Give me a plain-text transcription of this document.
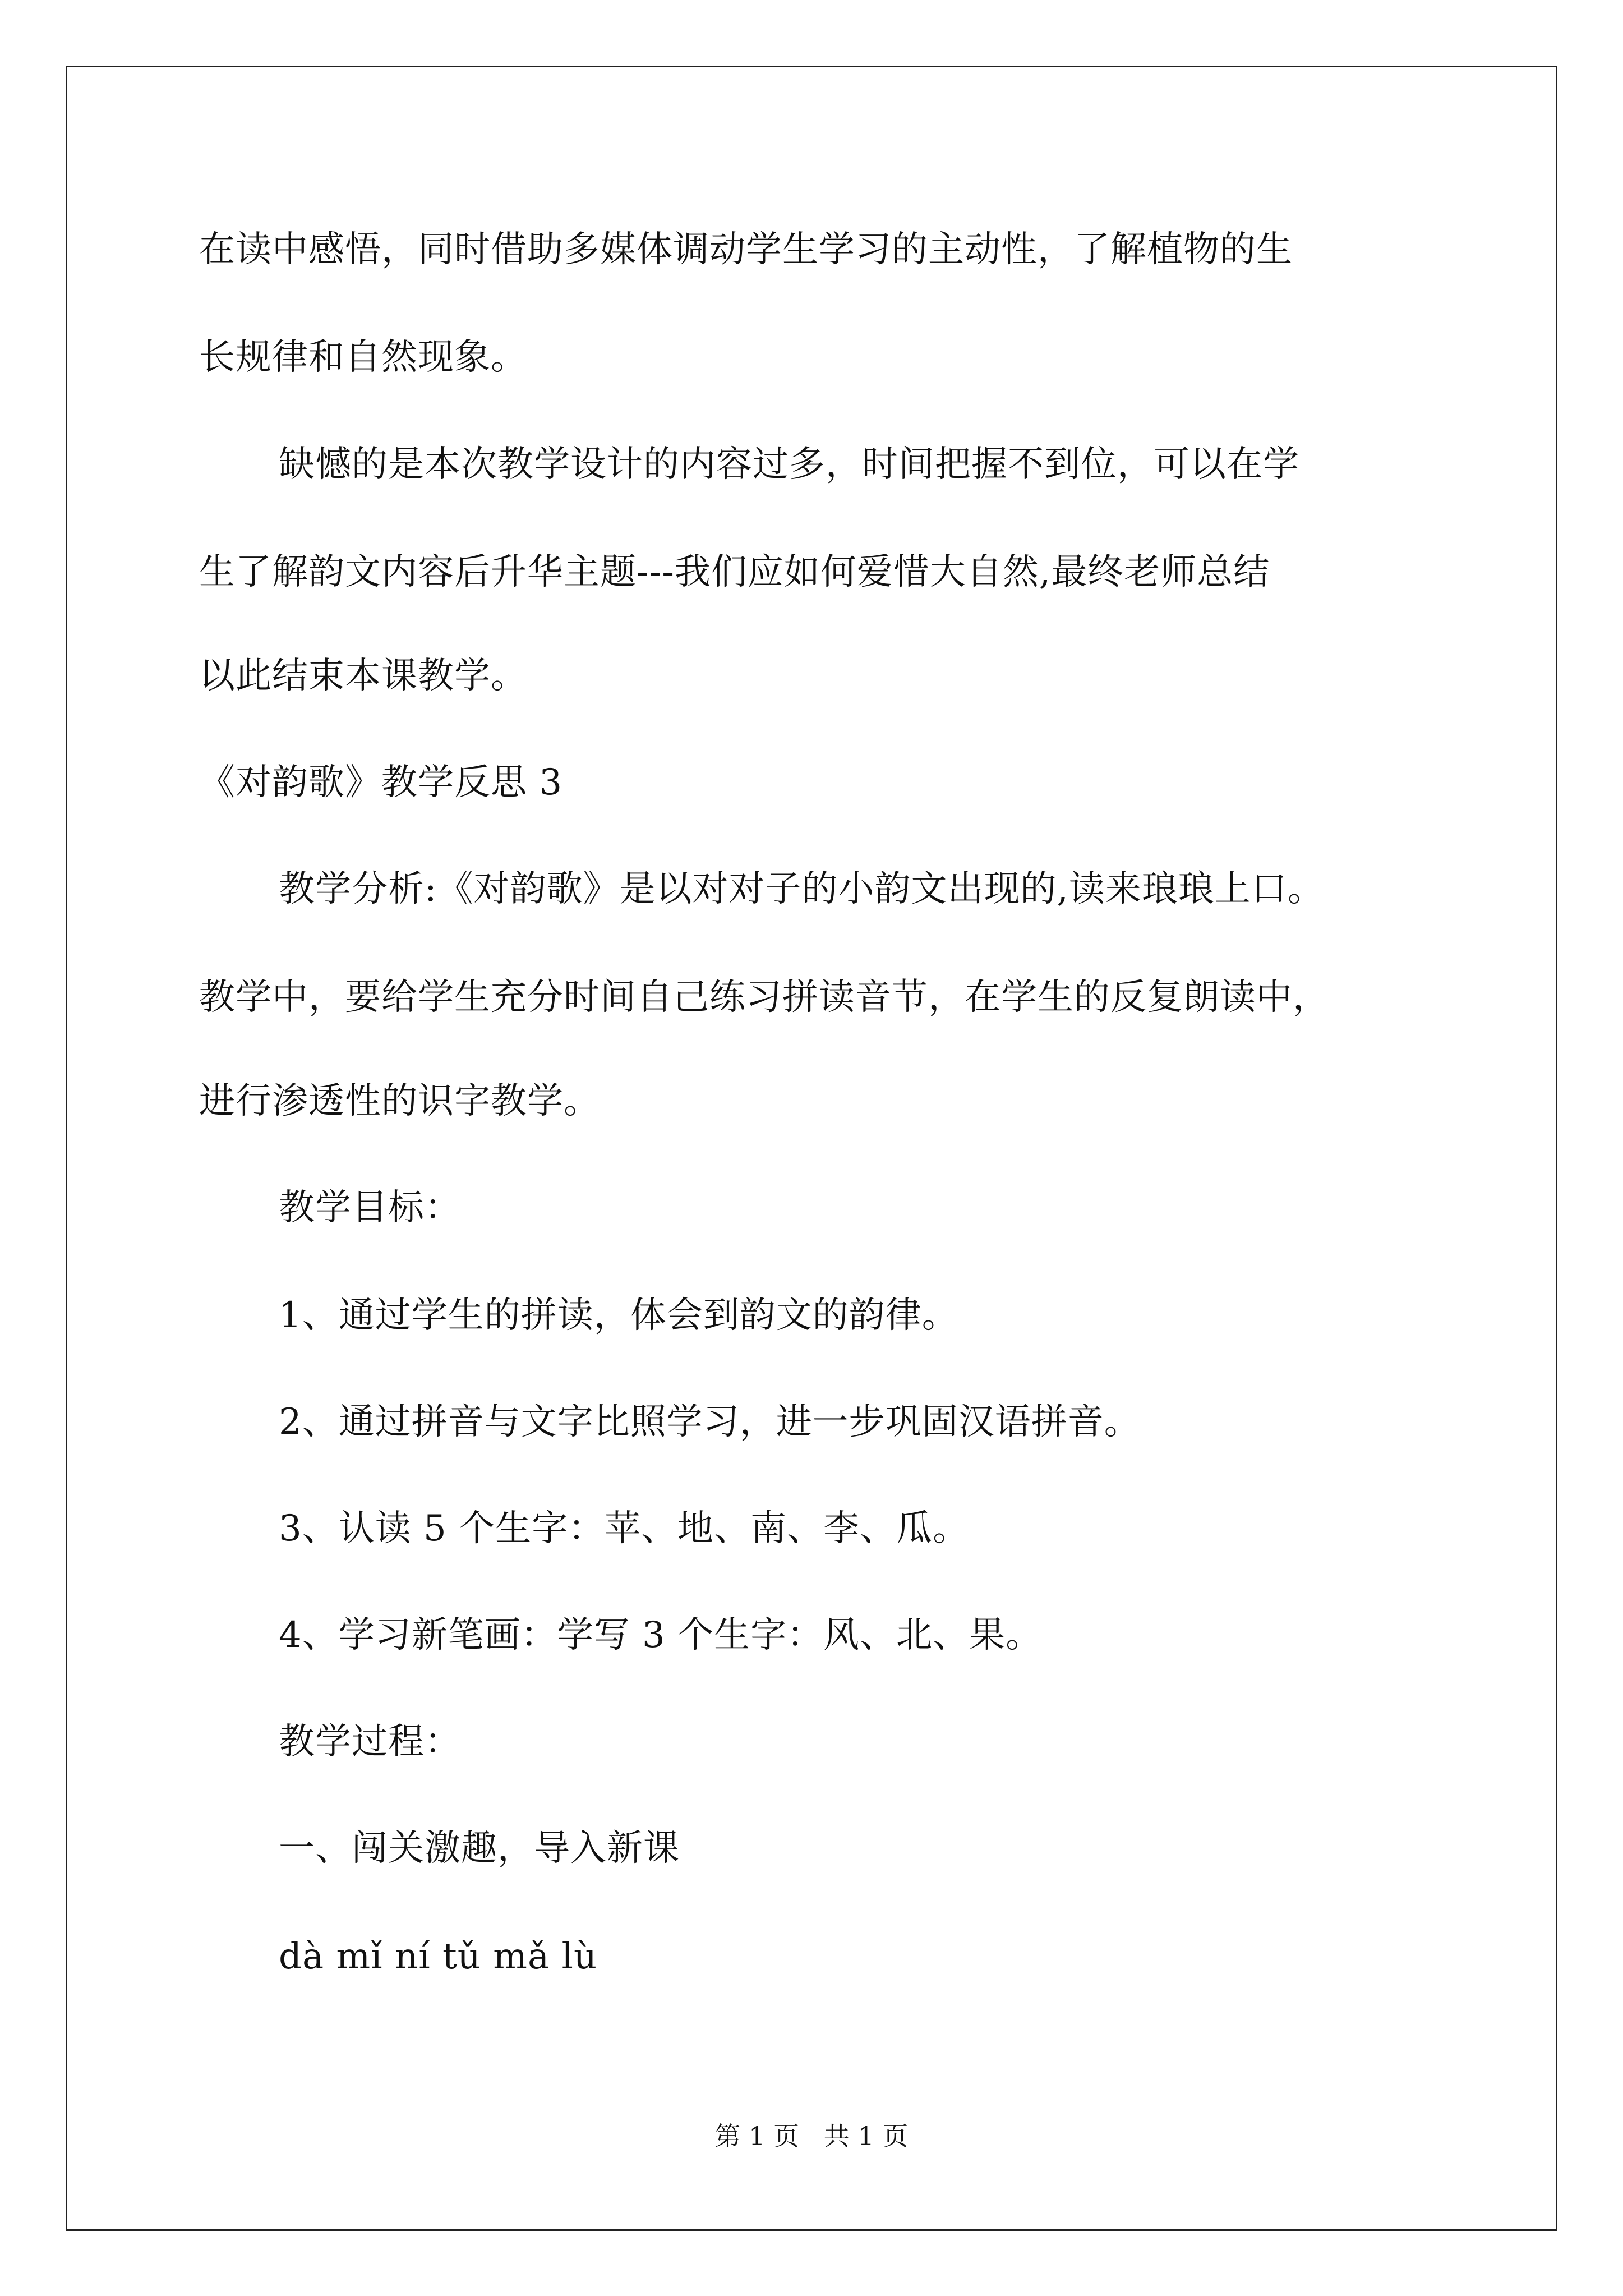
在读中感悟，同时借助多媒体调动学生学习的主动性，了解植物的生
长规律和自然现象。
缺憾的是本次教学设计的内容过多，时间把握不到位，可以在学
生了解韵文内容后升华主题---我们应如何爱惜大自然,最终老师总结
以此结束本课教学。
《对韵歌》教学反思 3
教学分析:《对韵歌》是以对对子的小韵文出现的,读来琅琅上口。
教学中，要给学生充分时间自己练习拼读音节，在学生的反复朗读中，
进行渗透性的识字教学。
教学目标：
1、通过学生的拼读，体会到韵文的韵律。
2、通过拼音与文字比照学习，进一步巩固汉语拼音。
3、认读 5 个生字：苹、地、南、李、瓜。
4、学习新笔画：学写 3 个生字：风、北、果。
教学过程：
一、闯关激趣，导入新课
dà mǐ ní tǔ mǎ lù
第 1 页   共 1 页
